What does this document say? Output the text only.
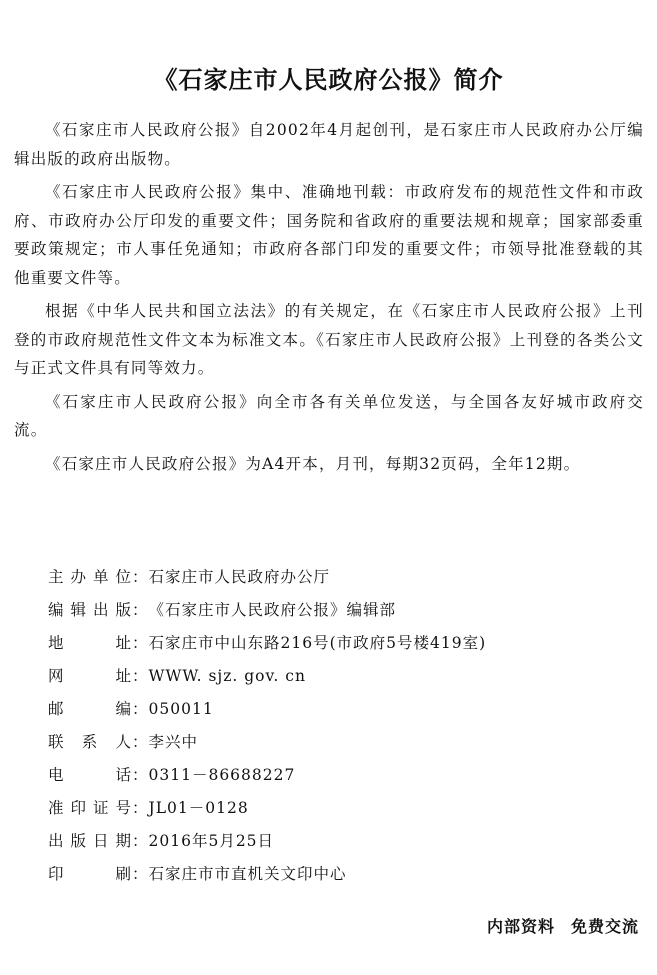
《石家庄市人民政府公报》简介

《石家庄市人民政府公报》自2002年4月起创刊，是石家庄市人民政府办公厅编辑出版的政府出版物。

《石家庄市人民政府公报》集中、准确地刊载：市政府发布的规范性文件和市政府、市政府办公厅印发的重要文件；国务院和省政府的重要法规和规章；国家部委重要政策规定；市人事任免通知；市政府各部门印发的重要文件；市领导批准登载的其他重要文件等。

根据《中华人民共和国立法法》的有关规定，在《石家庄市人民政府公报》上刊登的市政府规范性文件文本为标准文本。《石家庄市人民政府公报》上刊登的各类公文与正式文件具有同等效力。

《石家庄市人民政府公报》向全市各有关单位发送，与全国各友好城市政府交流。

《石家庄市人民政府公报》为A4开本，月刊，每期32页码，全年12期。

主办单位：石家庄市人民政府办公厅
编辑出版：《石家庄市人民政府公报》编辑部
地址：石家庄市中山东路216号(市政府5号楼419室)
网址：WWW. sjz. gov. cn
邮编：050011
联系人：李兴中
电话：0311－86688227
准印证号：JL01－0128
出版日期：2016年5月25日
印刷：石家庄市市直机关文印中心
内部资料 免费交流
